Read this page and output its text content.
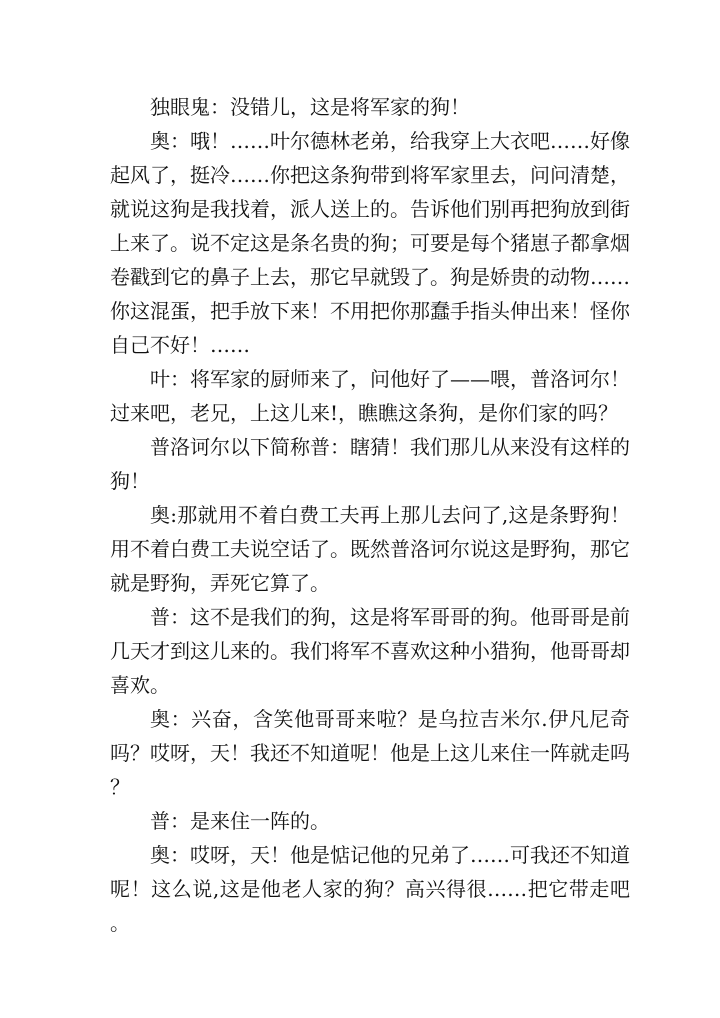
独眼鬼：没错儿，这是将军家的狗！

奥：哦！……叶尔德林老弟，给我穿上大衣吧……好像起风了，挺冷……你把这条狗带到将军家里去，问问清楚，就说这狗是我找着，派人送上的。告诉他们别再把狗放到街上来了。说不定这是条名贵的狗；可要是每个猪崽子都拿烟卷戳到它的鼻子上去，那它早就毁了。狗是娇贵的动物……你这混蛋，把手放下来！不用把你那蠢手指头伸出来！怪你自己不好！……

叶：将军家的厨师来了，问他好了——喂，普洛诃尔！过来吧，老兄，上这儿来!，瞧瞧这条狗，是你们家的吗？

普洛诃尔以下简称普：瞎猜！我们那儿从来没有这样的狗！

奥:那就用不着白费工夫再上那儿去问了,这是条野狗！用不着白费工夫说空话了。既然普洛诃尔说这是野狗，那它就是野狗，弄死它算了。

普：这不是我们的狗，这是将军哥哥的狗。他哥哥是前几天才到这儿来的。我们将军不喜欢这种小猎狗，他哥哥却喜欢。

奥：兴奋，含笑他哥哥来啦？是乌拉吉米尔.伊凡尼奇吗？哎呀，天！我还不知道呢！他是上这儿来住一阵就走吗？

普：是来住一阵的。

奥：哎呀，天！他是惦记他的兄弟了……可我还不知道呢！这么说,这是他老人家的狗？高兴得很……把它带走吧。
